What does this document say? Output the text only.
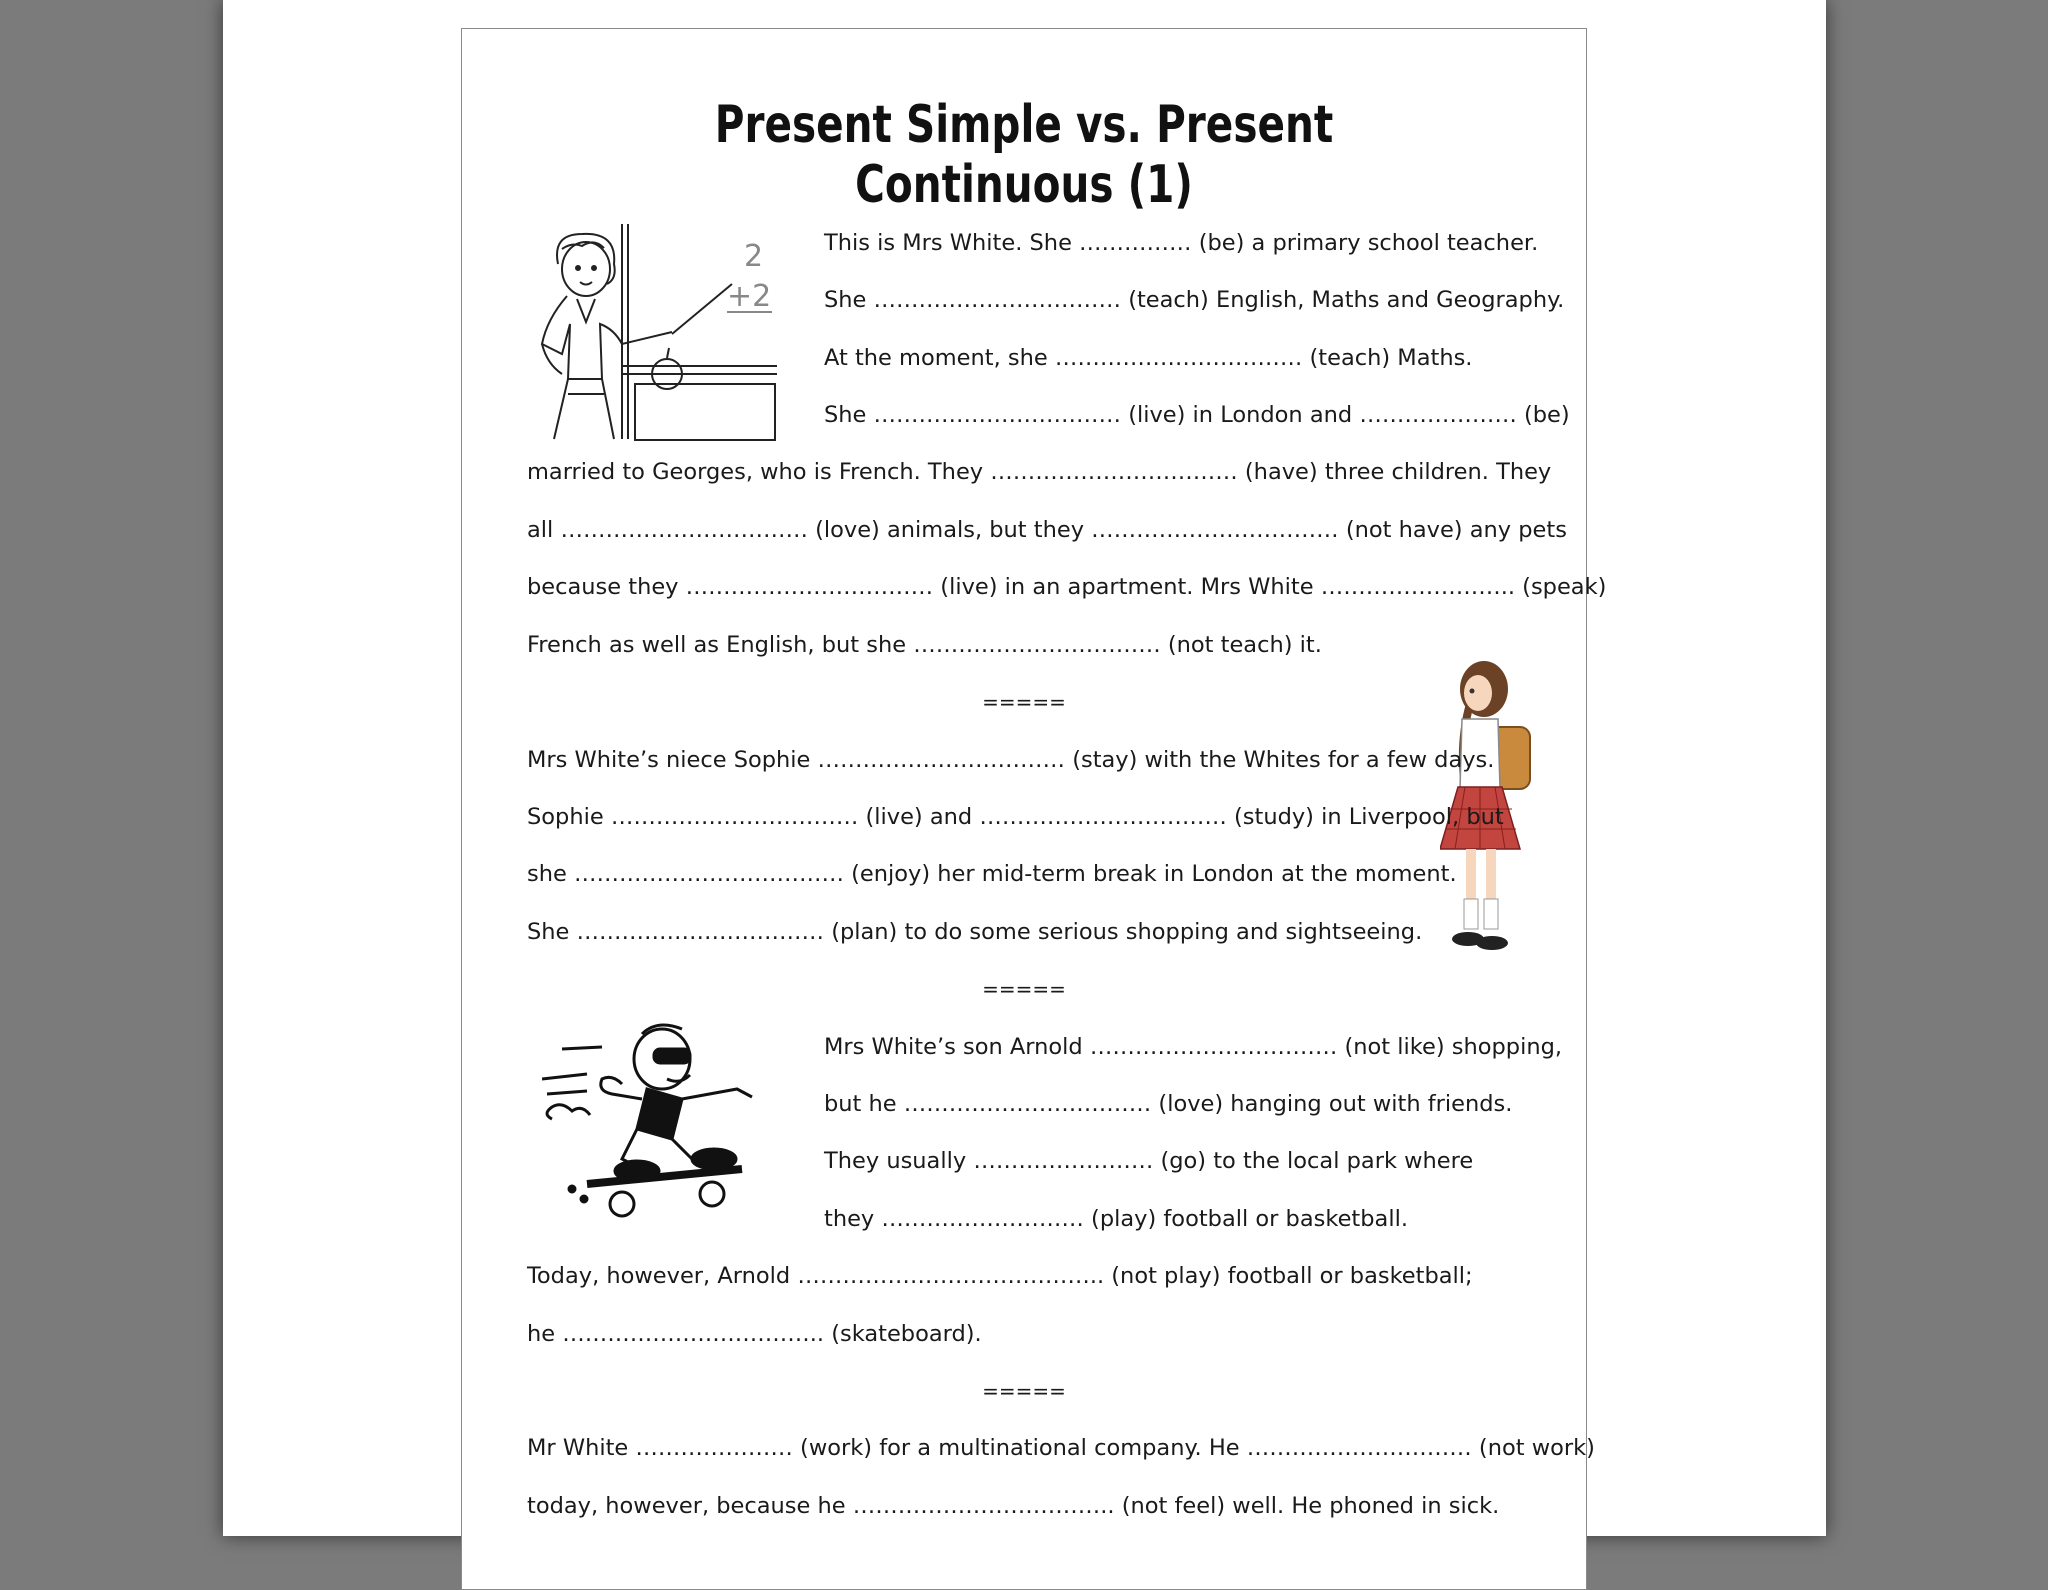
Present Simple vs. Present Continuous (1)
2
+2
This is Mrs White. She …………… (be) a primary school teacher.
She …………………………… (teach) English, Maths and Geography.
At the moment, she …………………………… (teach) Maths.
She …………………………… (live) in London and ………………… (be)
married to Georges, who is French. They …………………………… (have) three children. They
all …………………………… (love) animals, but they …………………………… (not have) any pets
because they …………………………… (live) in an apartment. Mrs White …………………….. (speak)
French as well as English, but she …………………………… (not teach) it.
=====
Mrs White’s niece Sophie …………………………… (stay) with the Whites for a few days.
Sophie …………………………… (live) and …………………………… (study) in Liverpool, but
she ……………………………… (enjoy) her mid-term break in London at the moment.
She …………………………… (plan) to do some serious shopping and sightseeing.
=====
Mrs White’s son Arnold …………………………… (not like) shopping,
but he …………………………… (love) hanging out with friends.
They usually …………………… (go) to the local park where
they ……………………… (play) football or basketball.
Today, however, Arnold ………………………………….. (not play) football or basketball;
he …………………………….. (skateboard).
=====
Mr White ………………… (work) for a multinational company. He ………………………… (not work)
today, however, because he …………………………….. (not feel) well. He phoned in sick.
